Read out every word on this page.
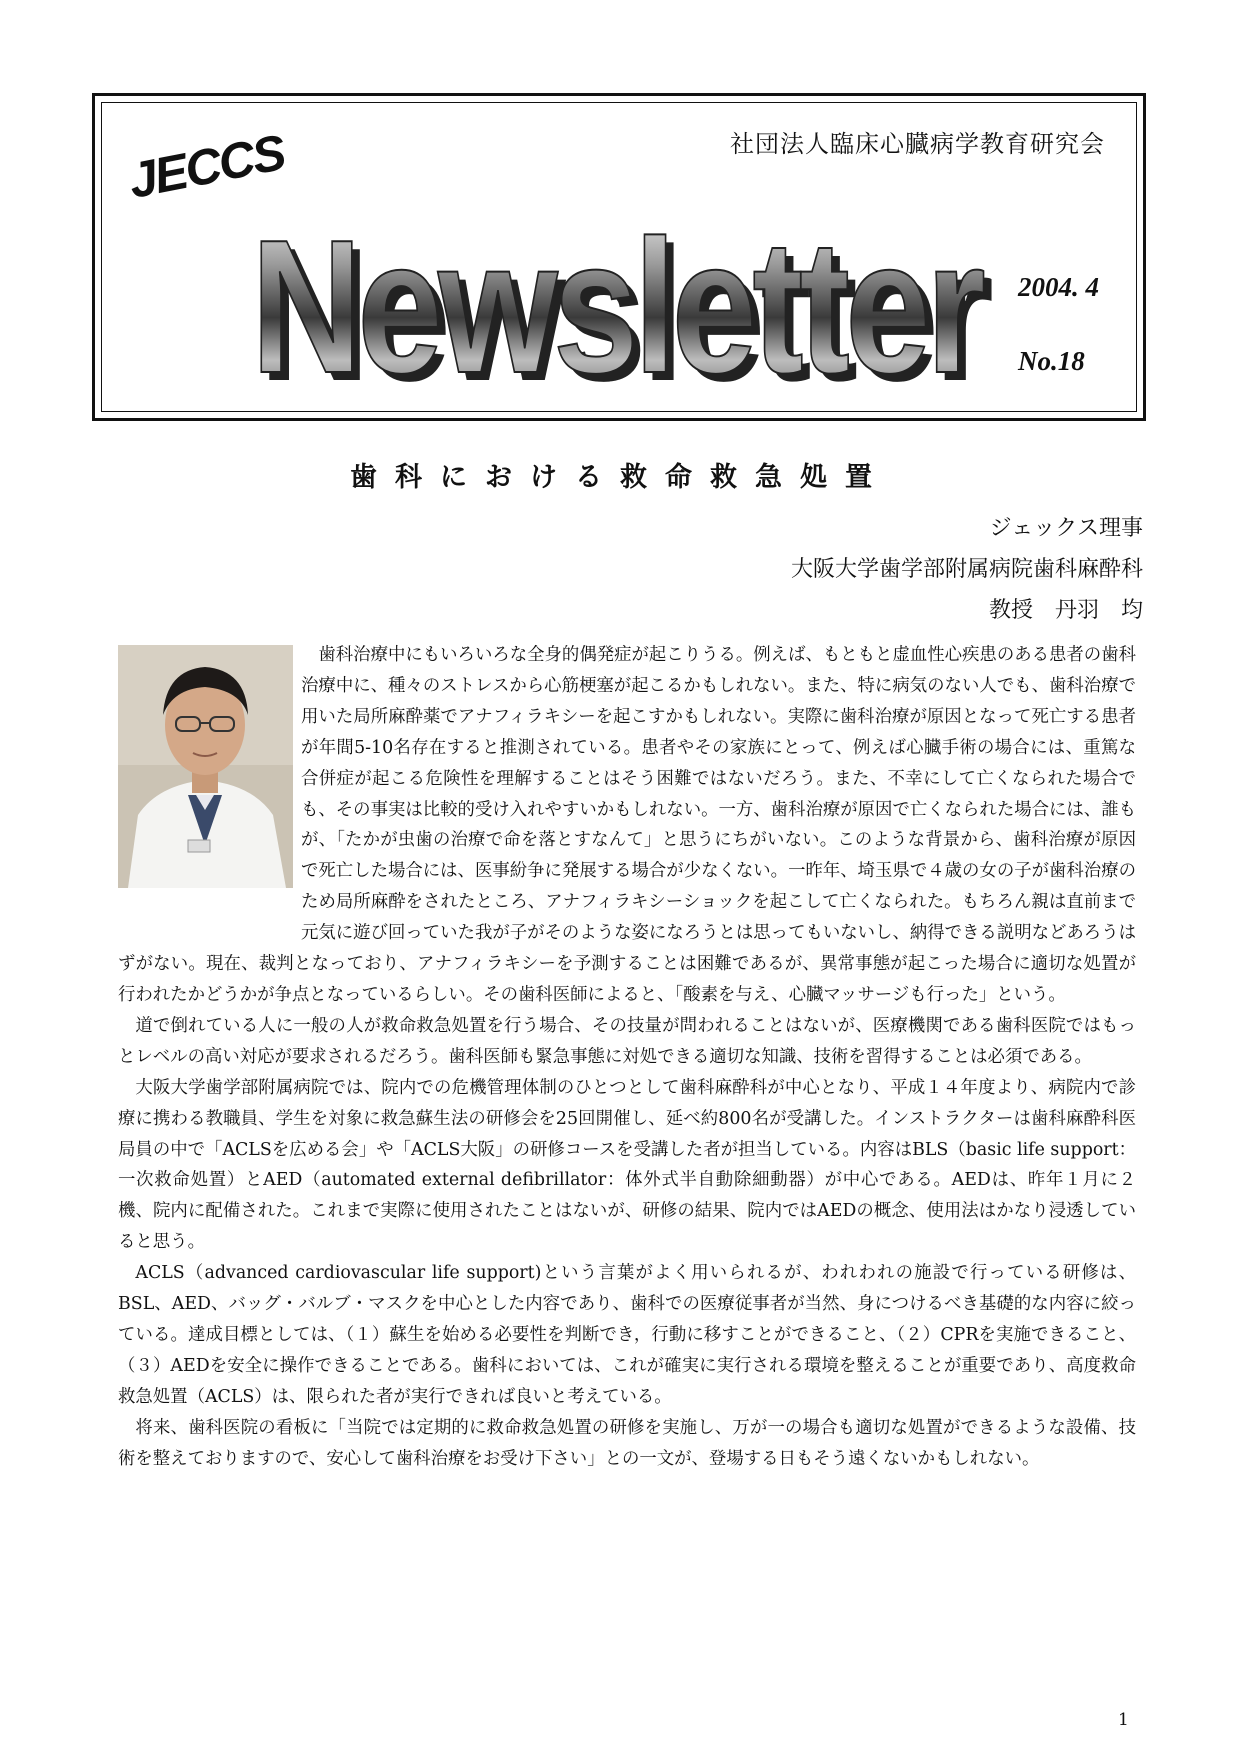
社団法人臨床心臓病学教育研究会
JECCS
Newsletter
Newsletter 2004. 4
No.18
歯科における救命救急処置
ジェックス理事
大阪大学歯学部附属病院歯科麻酔科
教授　丹羽　均

歯科治療中にもいろいろな全身的偶発症が起こりうる。例えば、もともと虚血性心疾患のある患者の歯科治療中に、種々のストレスから心筋梗塞が起こるかもしれない。また、特に病気のない人でも、歯科治療で用いた局所麻酔薬でアナフィラキシーを起こすかもしれない。実際に歯科治療が原因となって死亡する患者が年間5-10名存在すると推測されている。患者やその家族にとって、例えば心臓手術の場合には、重篤な合併症が起こる危険性を理解することはそう困難ではないだろう。また、不幸にして亡くなられた場合でも、その事実は比較的受け入れやすいかもしれない。一方、歯科治療が原因で亡くなられた場合には、誰もが、「たかが虫歯の治療で命を落とすなんて」と思うにちがいない。このような背景から、歯科治療が原因で死亡した場合には、医事紛争に発展する場合が少なくない。一昨年、埼玉県で４歳の女の子が歯科治療のため局所麻酔をされたところ、アナフィラキシーショックを起こして亡くなられた。もちろん親は直前まで元気に遊び回っていた我が子がそのような姿になろうとは思ってもいないし、納得できる説明などあろうはずがない。現在、裁判となっており、アナフィラキシーを予測することは困難であるが、異常事態が起こった場合に適切な処置が行われたかどうかが争点となっているらしい。その歯科医師によると、「酸素を与え、心臓マッサージも行った」という。

道で倒れている人に一般の人が救命救急処置を行う場合、その技量が問われることはないが、医療機関である歯科医院ではもっとレベルの高い対応が要求されるだろう。歯科医師も緊急事態に対処できる適切な知識、技術を習得することは必須である。

大阪大学歯学部附属病院では、院内での危機管理体制のひとつとして歯科麻酔科が中心となり、平成１４年度より、病院内で診療に携わる教職員、学生を対象に救急蘇生法の研修会を25回開催し、延べ約800名が受講した。インストラクターは歯科麻酔科医局員の中で「ACLSを広める会」や「ACLS大阪」の研修コースを受講した者が担当している。内容はBLS（basic life support：一次救命処置）とAED（automated external defibrillator：体外式半自動除細動器）が中心である。AEDは、昨年１月に２機、院内に配備された。これまで実際に使用されたことはないが、研修の結果、院内ではAEDの概念、使用法はかなり浸透していると思う。

ACLS（advanced cardiovascular life support)という言葉がよく用いられるが、われわれの施設で行っている研修は、BSL、AED、バッグ・バルブ・マスクを中心とした内容であり、歯科での医療従事者が当然、身につけるべき基礎的な内容に絞っている。達成目標としては、（１）蘇生を始める必要性を判断でき，行動に移すことができること、（２）CPRを実施できること、（３）AEDを安全に操作できることである。歯科においては、これが確実に実行される環境を整えることが重要であり、高度救命救急処置（ACLS）は、限られた者が実行できれば良いと考えている。

将来、歯科医院の看板に「当院では定期的に救命救急処置の研修を実施し、万が一の場合も適切な処置ができるような設備、技術を整えておりますので、安心して歯科治療をお受け下さい」との一文が、登場する日もそう遠くないかもしれない。

1
